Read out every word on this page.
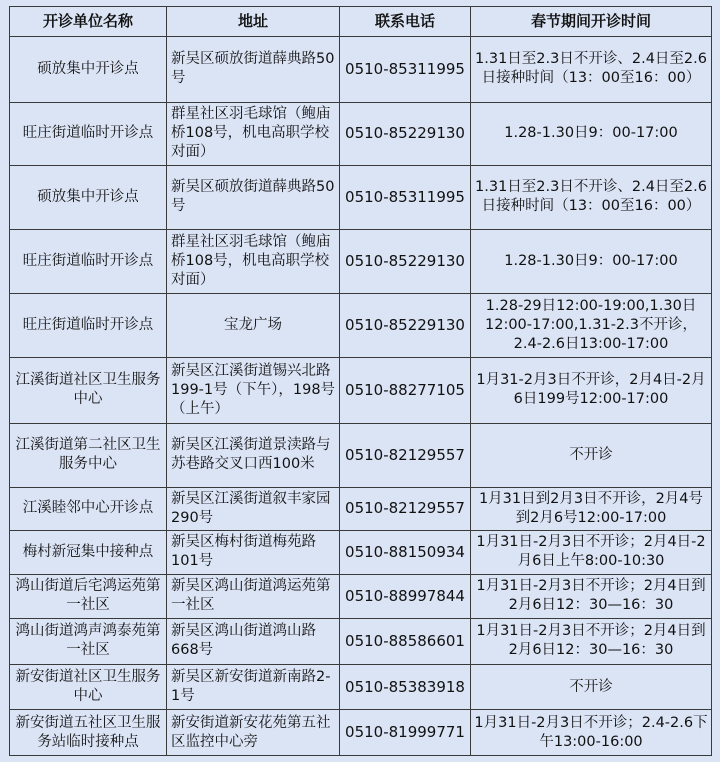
开诊单位名称	地址	联系电话	春节期间开诊时间
硕放集中开诊点	新吴区硕放街道薛典路50号	0510-85311995	1.31日至2.3日不开诊、2.4日至2.6日接种时间（13：00至16：00）
旺庄街道临时开诊点	群星社区羽毛球馆（鲍庙桥108号，机电高职学校对面）	0510-85229130	1.28-1.30日9：00-17:00
硕放集中开诊点	新吴区硕放街道薛典路50号	0510-85311995	1.31日至2.3日不开诊、2.4日至2.6日接种时间（13：00至16：00）
旺庄街道临时开诊点	群星社区羽毛球馆（鲍庙桥108号，机电高职学校对面）	0510-85229130	1.28-1.30日9：00-17:00
旺庄街道临时开诊点	宝龙广场	0510-85229130	1.28-29日12:00-19:00,1.30日12:00-17:00,1.31-2.3不开诊，2.4-2.6日13:00-17:00
江溪街道社区卫生服务中心	新吴区江溪街道锡兴北路199-1号（下午），198号（上午）	0510-88277105	1月31-2月3日不开诊，2月4日-2月6日199号12:00-17:00
江溪街道第二社区卫生服务中心	新吴区江溪街道景渎路与苏巷路交叉口西100米	0510-82129557	不开诊
江溪睦邻中心开诊点	新吴区江溪街道叙丰家园290号	0510-82129557	1月31日到2月3日不开诊，2月4号到2月6号12:00-17:00
梅村新冠集中接种点	新吴区梅村街道梅苑路101号	0510-88150934	1月31日-2月3日不开诊；2月4日-2月6日上午8:00-10:30
鸿山街道后宅鸿运苑第一社区	新吴区鸿山街道鸿运苑第一社区	0510-88997844	1月31日-2月3日不开诊；2月4日到2月6日12：30—16：30
鸿山街道鸿声鸿泰苑第一社区	新吴区鸿山街道鸿山路668号	0510-88586601	1月31日-2月3日不开诊；2月4日到2月6日12：30—16：30
新安街道社区卫生服务中心	新吴区新安街道新南路2-1号	0510-85383918	不开诊
新安街道五社区卫生服务站临时接种点	新安街道新安花苑第五社区监控中心旁	0510-81999771	1月31日-2月3日不开诊；2.4-2.6下午13:00-16:00
